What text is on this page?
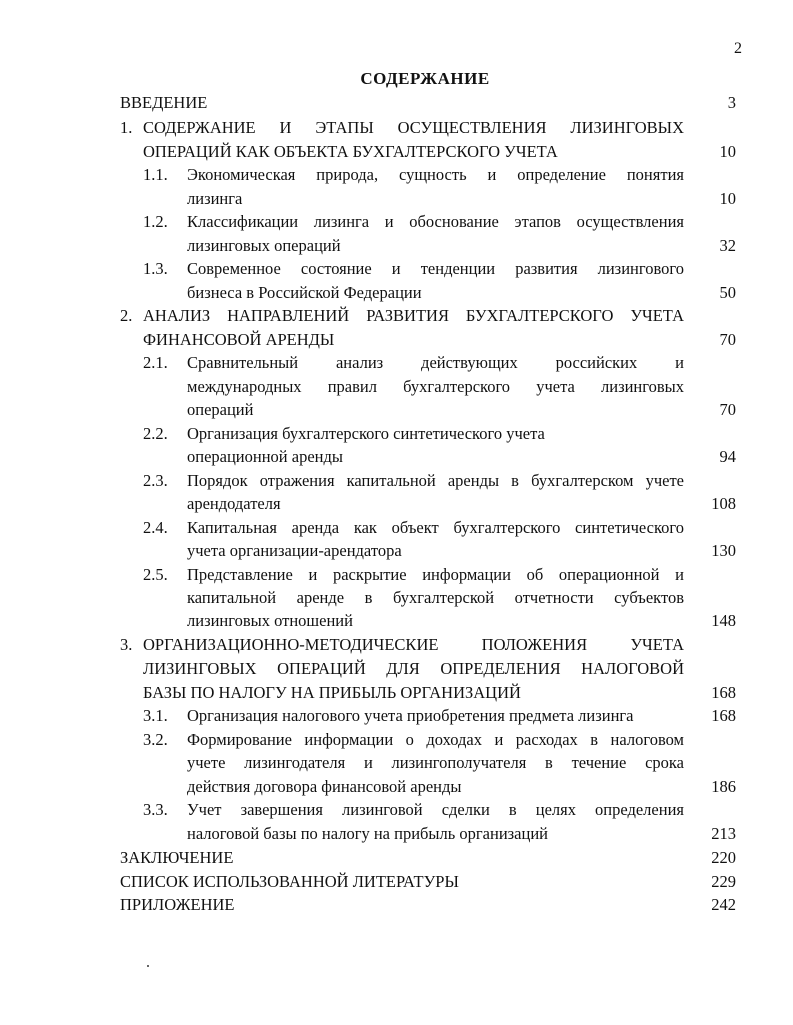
2
СОДЕРЖАНИЕ
ВВЕДЕНИЕ	3
1. СОДЕРЖАНИЕ И ЭТАПЫ ОСУЩЕСТВЛЕНИЯ ЛИЗИНГОВЫХ
ОПЕРАЦИЙ КАК ОБЪЕКТА БУХГАЛТЕРСКОГО УЧЕТА	10
1.1. Экономическая природа, сущность и определение понятия
лизинга	10
1.2. Классификации лизинга и обоснование этапов осуществления
лизинговых операций	32
1.3. Современное состояние и тенденции развития лизингового
бизнеса в Российской Федерации	50
2. АНАЛИЗ НАПРАВЛЕНИЙ РАЗВИТИЯ БУХГАЛТЕРСКОГО УЧЕТА
ФИНАНСОВОЙ АРЕНДЫ	70
2.1. Сравнительный анализ действующих российских и
международных правил бухгалтерского учета лизинговых
операций	70
2.2. Организация бухгалтерского синтетического учета
операционной аренды	94
2.3. Порядок отражения капитальной аренды в бухгалтерском учете
арендодателя	108
2.4. Капитальная аренда как объект бухгалтерского синтетического
учета организации-арендатора	130
2.5. Представление и раскрытие информации об операционной и
капитальной аренде в бухгалтерской отчетности субъектов
лизинговых отношений	148
3. ОРГАНИЗАЦИОННО-МЕТОДИЧЕСКИЕ ПОЛОЖЕНИЯ УЧЕТА
ЛИЗИНГОВЫХ ОПЕРАЦИЙ ДЛЯ ОПРЕДЕЛЕНИЯ НАЛОГОВОЙ
БАЗЫ ПО НАЛОГУ НА ПРИБЫЛЬ ОРГАНИЗАЦИЙ	168
3.1. Организация налогового учета приобретения предмета лизинга	168
3.2. Формирование информации о доходах и расходах в налоговом
учете лизингодателя и лизингополучателя в течение срока
действия договора финансовой аренды	186
3.3. Учет завершения лизинговой сделки в целях определения
налоговой базы по налогу на прибыль организаций	213
ЗАКЛЮЧЕНИЕ	220
СПИСОК ИСПОЛЬЗОВАННОЙ ЛИТЕРАТУРЫ	229
ПРИЛОЖЕНИЕ	242
